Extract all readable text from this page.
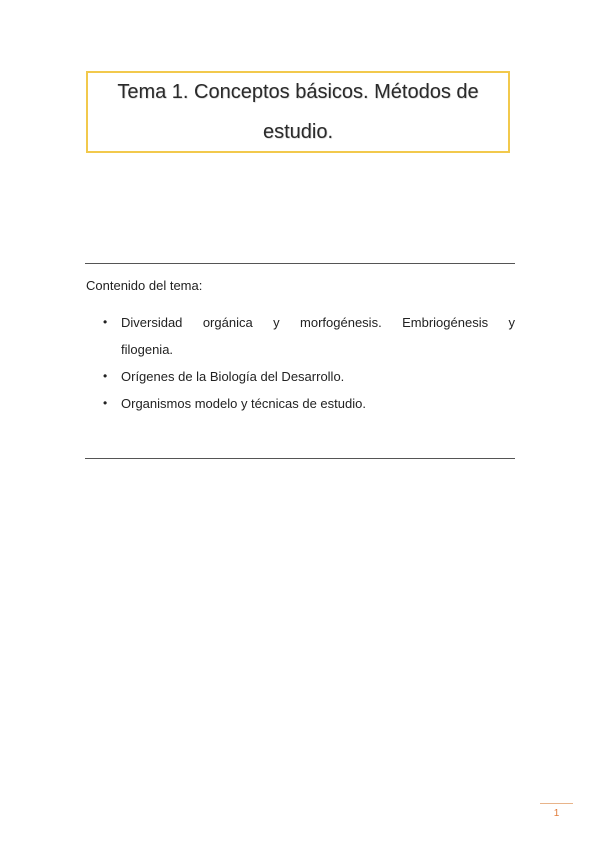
Tema 1. Conceptos básicos. Métodos de estudio.

Contenido del tema:

• Diversidad orgánica y morfogénesis. Embriogénesis y
filogenia.
• Orígenes de la Biología del Desarrollo.
• Organismos modelo y técnicas de estudio.
1
